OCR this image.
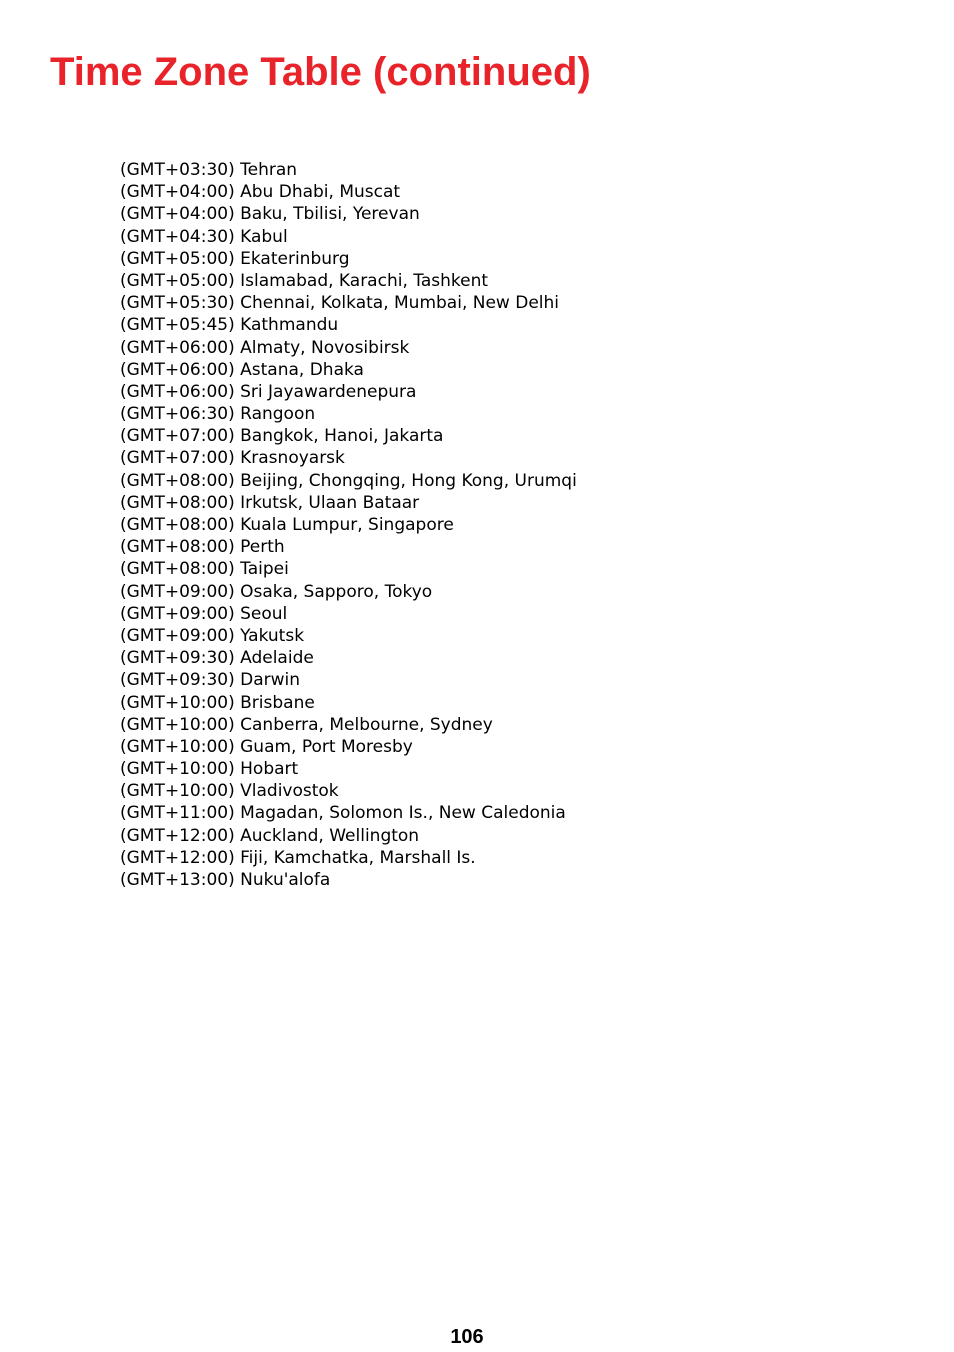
Time Zone Table (continued)
(GMT+03:30) Tehran
(GMT+04:00) Abu Dhabi, Muscat
(GMT+04:00) Baku, Tbilisi, Yerevan
(GMT+04:30) Kabul
(GMT+05:00) Ekaterinburg
(GMT+05:00) Islamabad, Karachi, Tashkent
(GMT+05:30) Chennai, Kolkata, Mumbai, New Delhi
(GMT+05:45) Kathmandu
(GMT+06:00) Almaty, Novosibirsk
(GMT+06:00) Astana, Dhaka
(GMT+06:00) Sri Jayawardenepura
(GMT+06:30) Rangoon
(GMT+07:00) Bangkok, Hanoi, Jakarta
(GMT+07:00) Krasnoyarsk
(GMT+08:00) Beijing, Chongqing, Hong Kong, Urumqi
(GMT+08:00) Irkutsk, Ulaan Bataar
(GMT+08:00) Kuala Lumpur, Singapore
(GMT+08:00) Perth
(GMT+08:00) Taipei
(GMT+09:00) Osaka, Sapporo, Tokyo
(GMT+09:00) Seoul
(GMT+09:00) Yakutsk
(GMT+09:30) Adelaide
(GMT+09:30) Darwin
(GMT+10:00) Brisbane
(GMT+10:00) Canberra, Melbourne, Sydney
(GMT+10:00) Guam, Port Moresby
(GMT+10:00) Hobart
(GMT+10:00) Vladivostok
(GMT+11:00) Magadan, Solomon Is., New Caledonia
(GMT+12:00) Auckland, Wellington
(GMT+12:00) Fiji, Kamchatka, Marshall Is.
(GMT+13:00) Nuku'alofa
106
